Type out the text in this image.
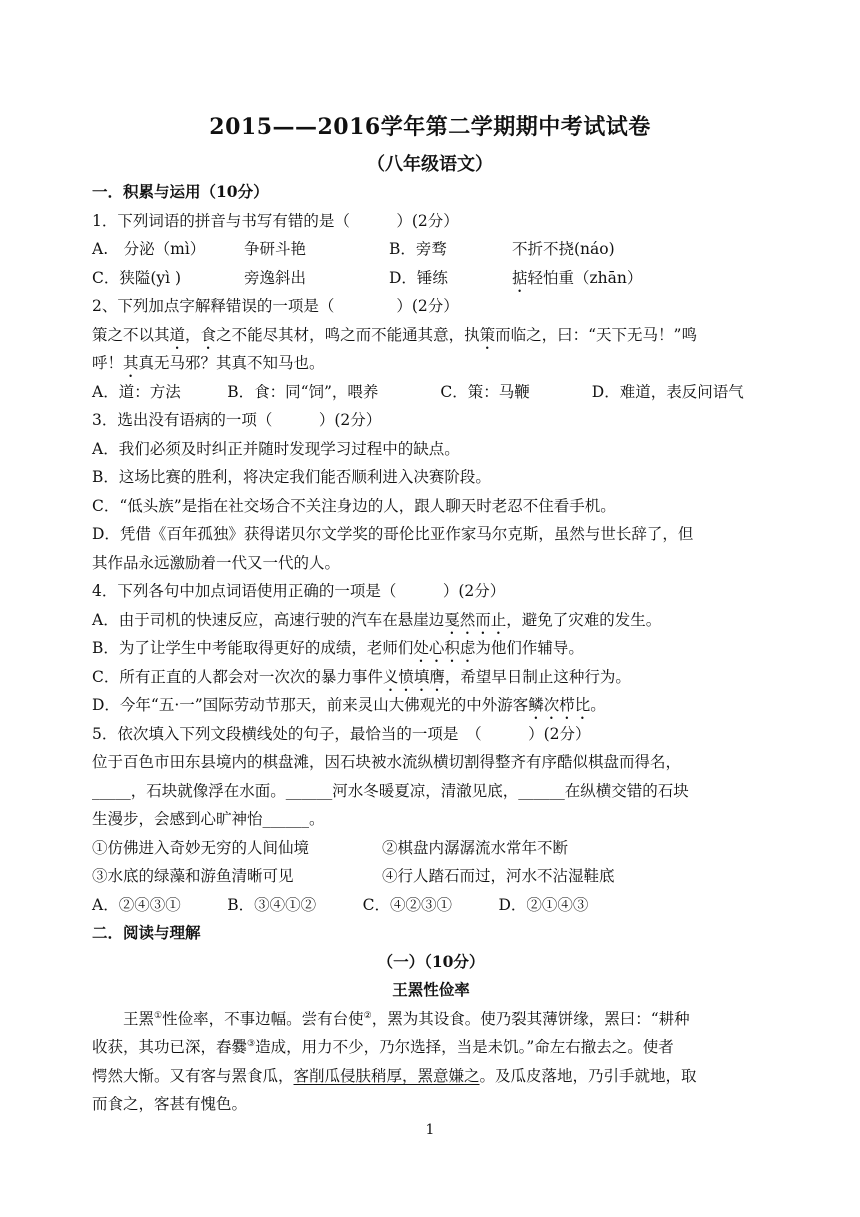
2015——2016学年第二学期期中考试试卷
（八年级语文）
一．积累与运用（10分）
1．下列词语的拼音与书写有错的是（　　　）(2分）
A.　分泌（mì） 争研斗艳	B．旁骛	不折不挠(náo)
C．狭隘(yì )	旁逸斜出	D．锤练	掂轻怕重（zhān）
2、下列加点字解释错误的一项是（　　　　）(2分）
策之不以其道，食之不能尽其材，鸣之而不能通其意，执策而临之，曰：“天下无马！”鸣
呼！其真无马邪？其真不知马也。
A．道：方法　　　B．食：同“饲”，喂养　　　　C．策：马鞭　　　　D．难道，表反问语气
3．选出没有语病的一项（　　　）(2分）
A．我们必须及时纠正并随时发现学习过程中的缺点。
B．这场比赛的胜利，将决定我们能否顺利进入决赛阶段。
C．“低头族”是指在社交场合不关注身边的人，跟人聊天时老忍不住看手机。
D．凭借《百年孤独》获得诺贝尔文学奖的哥伦比亚作家马尔克斯，虽然与世长辞了，但
其作品永远激励着一代又一代的人。
4．下列各句中加点词语使用正确的一项是（　　　）(2分）
A．由于司机的快速反应，高速行驶的汽车在悬崖边戛然而止，避免了灾难的发生。
B．为了让学生中考能取得更好的成绩，老师们处心积虑为他们作辅导。
C．所有正直的人都会对一次次的暴力事件义愤填膺，希望早日制止这种行为。
D．今年“五·一”国际劳动节那天，前来灵山大佛观光的中外游客鳞次栉比。
5．依次填入下列文段横线处的句子，最恰当的一项是　（　　　）(2分）
位于百色市田东县境内的棋盘滩，因石块被水流纵横切割得整齐有序酷似棋盘而得名，
_____，石块就像浮在水面。______河水冬暖夏凉，清澈见底，______在纵横交错的石块
生漫步，会感到心旷神怡______。
①仿佛进入奇妙无穷的人间仙境	②棋盘内潺潺流水常年不断
③水底的绿藻和游鱼清晰可见	④行人踏石而过，河水不沾湿鞋底
A．②④③①　　　B．③④①②　　　C．④②③①　　　D．②①④③
二．阅读与理解
（一）（10分）
王罴性俭率
王罴①性俭率，不事边幅。尝有台使②，罴为其设食。使乃裂其薄饼缘，罴曰：“耕种
收获，其功已深，舂爨③造成，用力不少，乃尔选择，当是未饥。”命左右撤去之。使者
愕然大惭。又有客与罴食瓜，客削瓜侵肤稍厚，罴意嫌之。及瓜皮落地，乃引手就地，取
而食之，客甚有愧色。
1
